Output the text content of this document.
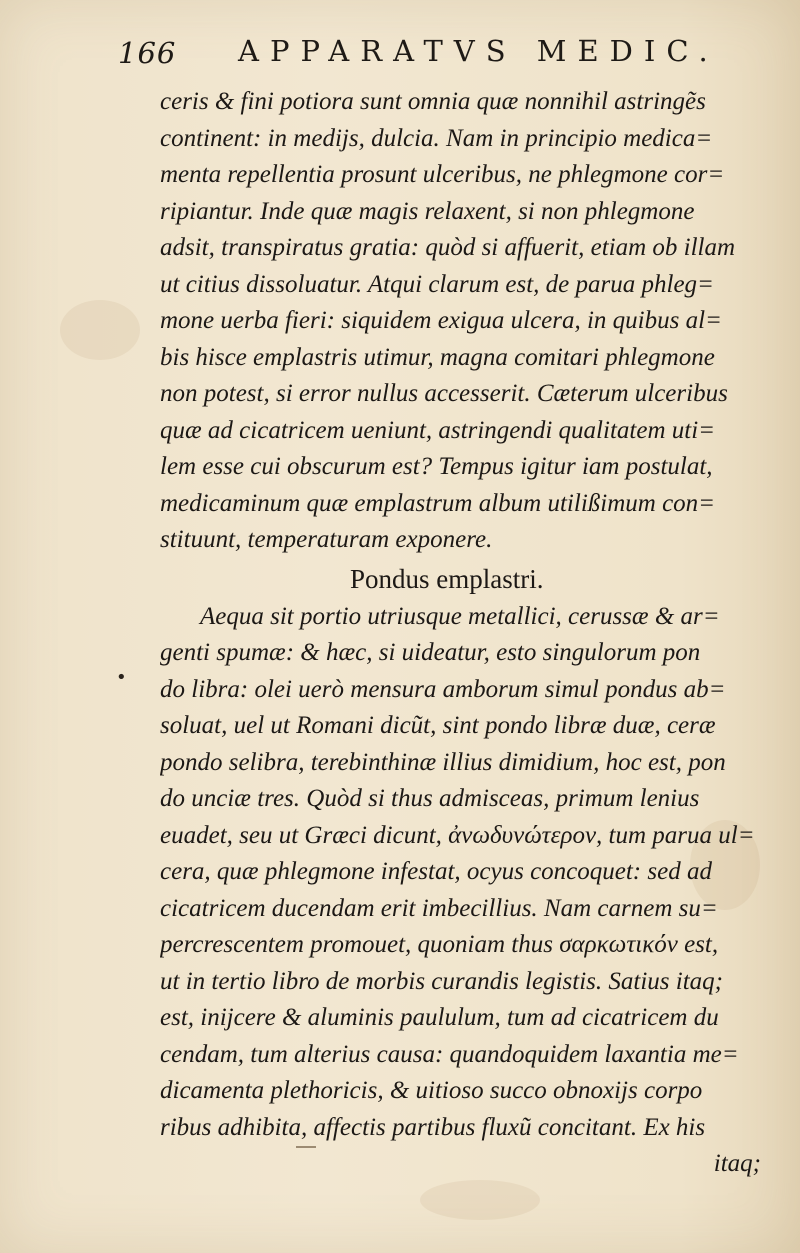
166 APPARATVS MEDIC.
•
ceris & fini potiora sunt omnia quæ nonnihil astringẽs
continent: in medijs, dulcia. Nam in principio medica=
menta repellentia prosunt ulceribus, ne phlegmone cor=
ripiantur. Inde quæ magis relaxent, si non phlegmone
adsit, transpiratus gratia: quòd si affuerit, etiam ob illam
ut citius dissoluatur. Atqui clarum est, de parua phleg=
mone uerba fieri: siquidem exigua ulcera, in quibus al=
bis hisce emplastris utimur, magna comitari phlegmone
non potest, si error nullus accesserit. Cæterum ulceribus
quæ ad cicatricem ueniunt, astringendi qualitatem uti=
lem esse cui obscurum est? Tempus igitur iam postulat,
medicaminum quæ emplastrum album utilißimum con=
stituunt, temperaturam exponere.
Pondus emplastri.
Aequa sit portio utriusque metallici, cerussæ & ar=
genti spumæ: & hæc, si uideatur, esto singulorum pon
do libra: olei uerò mensura amborum simul pondus ab=
soluat, uel ut Romani dicũt, sint pondo libræ duæ, ceræ
pondo selibra, terebinthinæ illius dimidium, hoc est, pon
do unciæ tres. Quòd si thus admisceas, primum lenius
euadet, seu ut Græci dicunt, ἀνωδυνώτερον, tum parua ul=
cera, quæ phlegmone infestat, ocyus concoquet: sed ad
cicatricem ducendam erit imbecillius. Nam carnem su=
percrescentem promouet, quoniam thus σαρκωτικόν est,
ut in tertio libro de morbis curandis legistis. Satius itaq;
est, inijcere & aluminis paululum, tum ad cicatricem du
cendam, tum alterius causa: quandoquidem laxantia me=
dicamenta plethoricis, & uitioso succo obnoxijs corpo
ribus adhibita, affectis partibus fluxũ concitant. Ex his
itaq;
